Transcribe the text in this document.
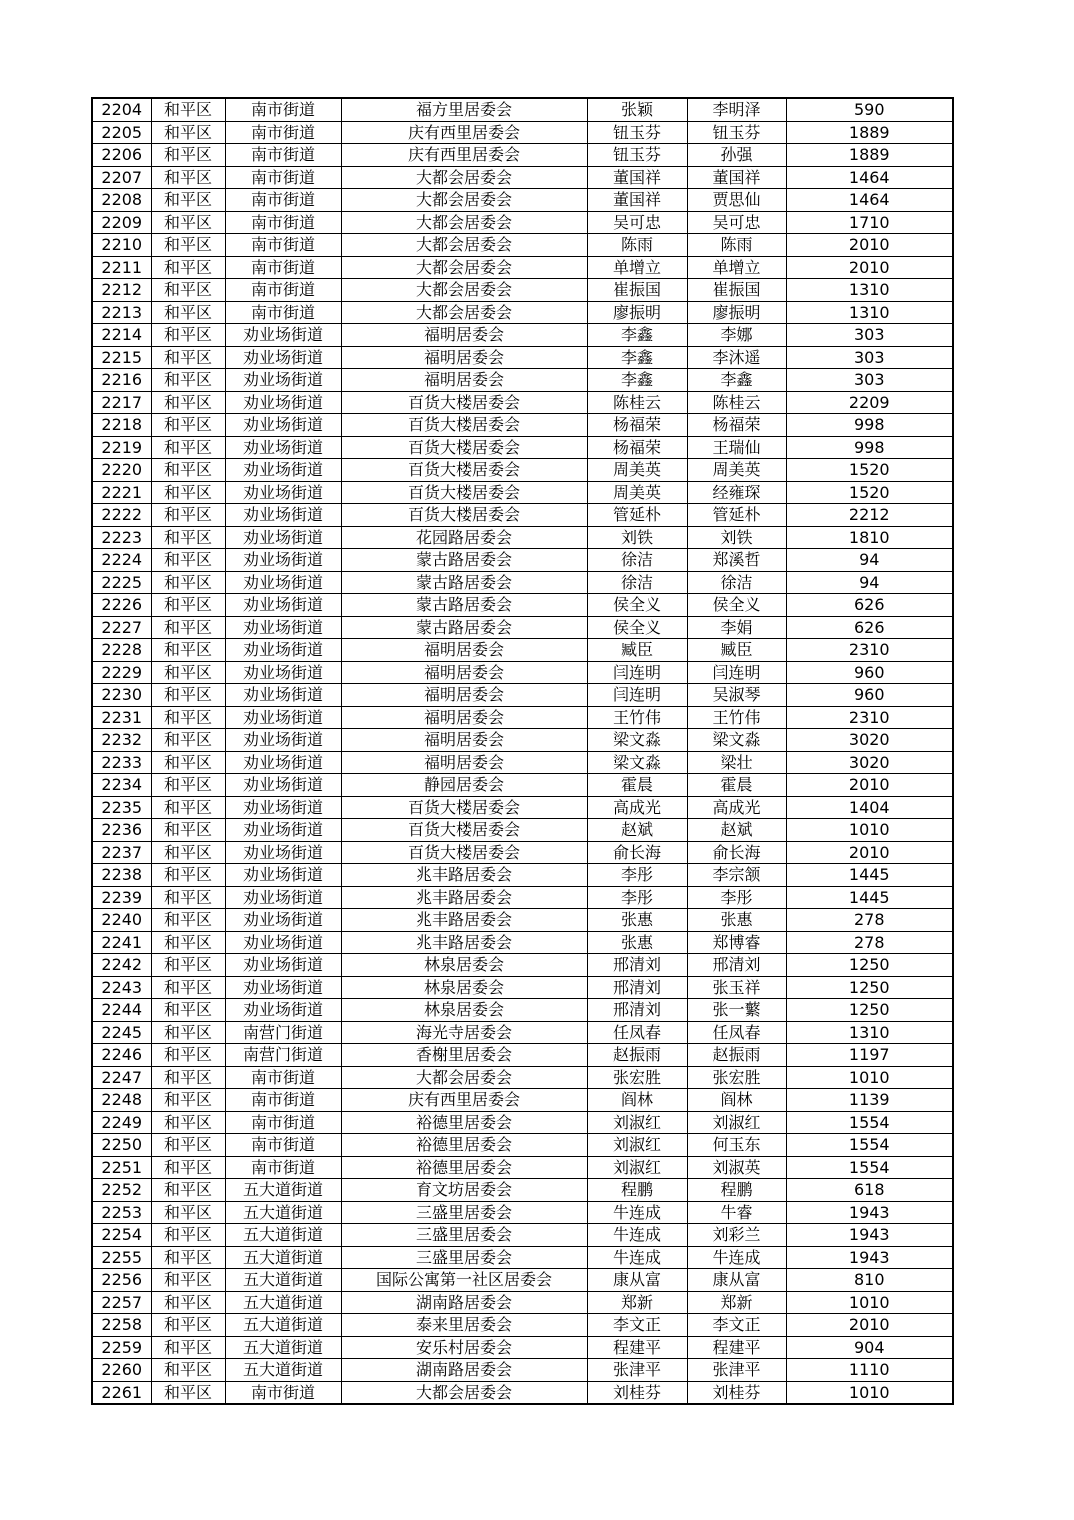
2204	和平区	南市街道	福方里居委会	张颖	李明泽	590
2205	和平区	南市街道	庆有西里居委会	钮玉芬	钮玉芬	1889
2206	和平区	南市街道	庆有西里居委会	钮玉芬	孙强	1889
2207	和平区	南市街道	大都会居委会	董国祥	董国祥	1464
2208	和平区	南市街道	大都会居委会	董国祥	贾思仙	1464
2209	和平区	南市街道	大都会居委会	吴可忠	吴可忠	1710
2210	和平区	南市街道	大都会居委会	陈雨	陈雨	2010
2211	和平区	南市街道	大都会居委会	单增立	单增立	2010
2212	和平区	南市街道	大都会居委会	崔振国	崔振国	1310
2213	和平区	南市街道	大都会居委会	廖振明	廖振明	1310
2214	和平区	劝业场街道	福明居委会	李鑫	李娜	303
2215	和平区	劝业场街道	福明居委会	李鑫	李沐遥	303
2216	和平区	劝业场街道	福明居委会	李鑫	李鑫	303
2217	和平区	劝业场街道	百货大楼居委会	陈桂云	陈桂云	2209
2218	和平区	劝业场街道	百货大楼居委会	杨福荣	杨福荣	998
2219	和平区	劝业场街道	百货大楼居委会	杨福荣	王瑞仙	998
2220	和平区	劝业场街道	百货大楼居委会	周美英	周美英	1520
2221	和平区	劝业场街道	百货大楼居委会	周美英	经雍琛	1520
2222	和平区	劝业场街道	百货大楼居委会	管延朴	管延朴	2212
2223	和平区	劝业场街道	花园路居委会	刘铁	刘铁	1810
2224	和平区	劝业场街道	蒙古路居委会	徐洁	郑溪哲	94
2225	和平区	劝业场街道	蒙古路居委会	徐洁	徐洁	94
2226	和平区	劝业场街道	蒙古路居委会	侯全义	侯全义	626
2227	和平区	劝业场街道	蒙古路居委会	侯全义	李娟	626
2228	和平区	劝业场街道	福明居委会	臧臣	臧臣	2310
2229	和平区	劝业场街道	福明居委会	闫连明	闫连明	960
2230	和平区	劝业场街道	福明居委会	闫连明	吴淑琴	960
2231	和平区	劝业场街道	福明居委会	王竹伟	王竹伟	2310
2232	和平区	劝业场街道	福明居委会	梁文淼	梁文淼	3020
2233	和平区	劝业场街道	福明居委会	梁文淼	梁壮	3020
2234	和平区	劝业场街道	静园居委会	霍晨	霍晨	2010
2235	和平区	劝业场街道	百货大楼居委会	高成光	高成光	1404
2236	和平区	劝业场街道	百货大楼居委会	赵斌	赵斌	1010
2237	和平区	劝业场街道	百货大楼居委会	俞长海	俞长海	2010
2238	和平区	劝业场街道	兆丰路居委会	李彤	李宗颔	1445
2239	和平区	劝业场街道	兆丰路居委会	李彤	李彤	1445
2240	和平区	劝业场街道	兆丰路居委会	张惠	张惠	278
2241	和平区	劝业场街道	兆丰路居委会	张惠	郑博睿	278
2242	和平区	劝业场街道	林泉居委会	邢清刘	邢清刘	1250
2243	和平区	劝业场街道	林泉居委会	邢清刘	张玉祥	1250
2244	和平区	劝业场街道	林泉居委会	邢清刘	张一蘩	1250
2245	和平区	南营门街道	海光寺居委会	任凤春	任凤春	1310
2246	和平区	南营门街道	香榭里居委会	赵振雨	赵振雨	1197
2247	和平区	南市街道	大都会居委会	张宏胜	张宏胜	1010
2248	和平区	南市街道	庆有西里居委会	阎林	阎林	1139
2249	和平区	南市街道	裕德里居委会	刘淑红	刘淑红	1554
2250	和平区	南市街道	裕德里居委会	刘淑红	何玉东	1554
2251	和平区	南市街道	裕德里居委会	刘淑红	刘淑英	1554
2252	和平区	五大道街道	育文坊居委会	程鹏	程鹏	618
2253	和平区	五大道街道	三盛里居委会	牛连成	牛睿	1943
2254	和平区	五大道街道	三盛里居委会	牛连成	刘彩兰	1943
2255	和平区	五大道街道	三盛里居委会	牛连成	牛连成	1943
2256	和平区	五大道街道	国际公寓第一社区居委会	康从富	康从富	810
2257	和平区	五大道街道	湖南路居委会	郑新	郑新	1010
2258	和平区	五大道街道	泰来里居委会	李文正	李文正	2010
2259	和平区	五大道街道	安乐村居委会	程建平	程建平	904
2260	和平区	五大道街道	湖南路居委会	张津平	张津平	1110
2261	和平区	南市街道	大都会居委会	刘桂芬	刘桂芬	1010
